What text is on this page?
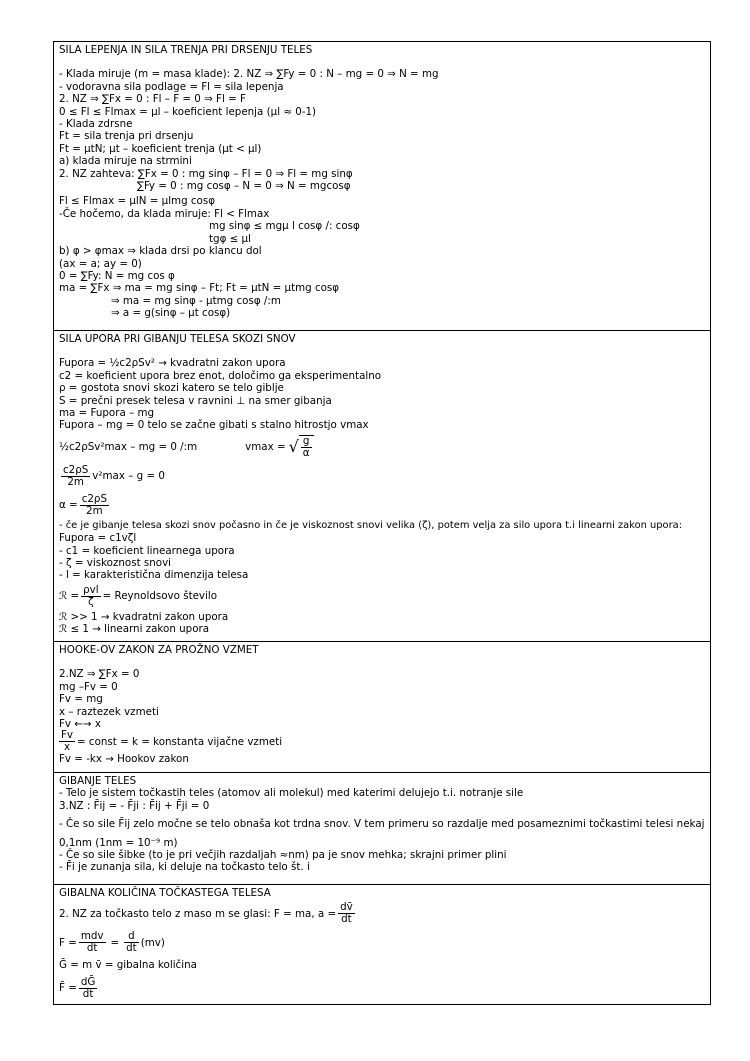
SILA LEPENJA IN SILA TRENJA PRI DRSENJU TELES
- Klada miruje (m = masa klade): 2. NZ ⇒ ∑Fy = 0 : N – mg = 0 ⇒ N = mg
- vodoravna sila podlage = Fl = sila lepenja
2. NZ ⇒ ∑Fx = 0 : Fl – F = 0 ⇒ Fl = F
0 ≤ Fl ≤ Flmax = μl – koeficient lepenja (μl ≈ 0-1)
- Klada zdrsne
Ft = sila trenja pri drsenju
Ft = μtN; μt – koeficient trenja (μt < μl)
a) klada miruje na strmini
2. NZ zahteva: ∑Fx = 0 : mg sinφ – Fl = 0 ⇒ Fl = mg sinφ
∑Fy = 0 : mg cosφ – N = 0 ⇒ N = mgcosφ
Fl ≤ Flmax = μlN = μlmg cosφ
-Če hočemo, da klada miruje: Fl < Flmax
mg sinφ ≤ mgμ l cosφ /: cosφ
tgφ ≤ μl
b) φ > φmax ⇒ klada drsi po klancu dol
(ax = a; ay = 0)
0 = ∑Fy: N = mg cos φ
ma = ∑Fx ⇒ ma = mg sinφ – Ft; Ft = μtN = μtmg cosφ
⇒ ma = mg sinφ - μtmg cosφ /:m
⇒ a = g(sinφ – μt cosφ)
SILA UPORA PRI GIBANJU TELESA SKOZI SNOV
Fupora = ½c2ρSv² → kvadratni zakon upora
c2 = koeficient upora brez enot, določimo ga eksperimentalno
ρ = gostota snovi skozi katero se telo giblje
S = prečni presek telesa v ravnini ⊥ na smer gibanja
ma = Fupora – mg
Fupora – mg = 0 telo se začne gibati s stalno hitrostjo vmax
½c2ρSv²max – mg = 0 /:m	vmax = √ $\frac{g}{\alpha}$
$\frac{c2\rho S}{2m} v^2\max - g = 0$
$\alpha = \frac{c2\rho S}{2m}$
- če je gibanje telesa skozi snov počasno in če je viskoznost snovi velika (ζ), potem velja za silo upora t.i linearni zakon upora:
Fupora = c1vζl
- c1 = koeficient linearnega upora
- ζ = viskoznost snovi
- l = karakteristična dimenzija telesa
ℛ = $\frac{\text{ρvl}}{\zeta}$ = Reynoldsovo število
ℛ >> 1 → kvadratni zakon upora
ℛ ≤ 1 → linearni zakon upora
HOOKE-OV ZAKON ZA PROŽNO VZMET
2.NZ ⇒ ∑Fx = 0
mg –Fv = 0
Fv = mg
x – raztezek vzmeti
Fv ←→ x
$\frac{Fv}{x}$ = const = k = konstanta vijačne vzmeti
Fv = -kx → Hookov zakon
GIBANJE TELES
- Telo je sistem točkastih teles (atomov ali molekul) med katerimi delujejo t.i. notranje sile
3.NZ : F̄ij = - F̄ji : F̄ij + F̄ji = 0
- Če so sile F̄ij zelo močne se telo obnaša kot trdna snov. V tem primeru so razdalje med posameznimi točkastimi telesi nekaj
0,1nm (1nm = 10⁻⁹ m)
- Če so sile šibke (to je pri večjih razdaljah ≈nm) pa je snov mehka; skrajni primer plini
- F̄i je zunanja sila, ki deluje na točkasto telo št. i
GIBALNA KOLIČINA TOČKASTEGA TELESA
2. NZ za točkasto telo z maso m se glasi: F = ma, $a = \frac{dv̄}{dt}$
$F = \frac{\text{mdv}}{dt} = \frac{d}{dt} (mv)$
Ḡ = m v̄ = gibalna količina
F̄ = $\frac{\text{dḠ}}{dt}$
